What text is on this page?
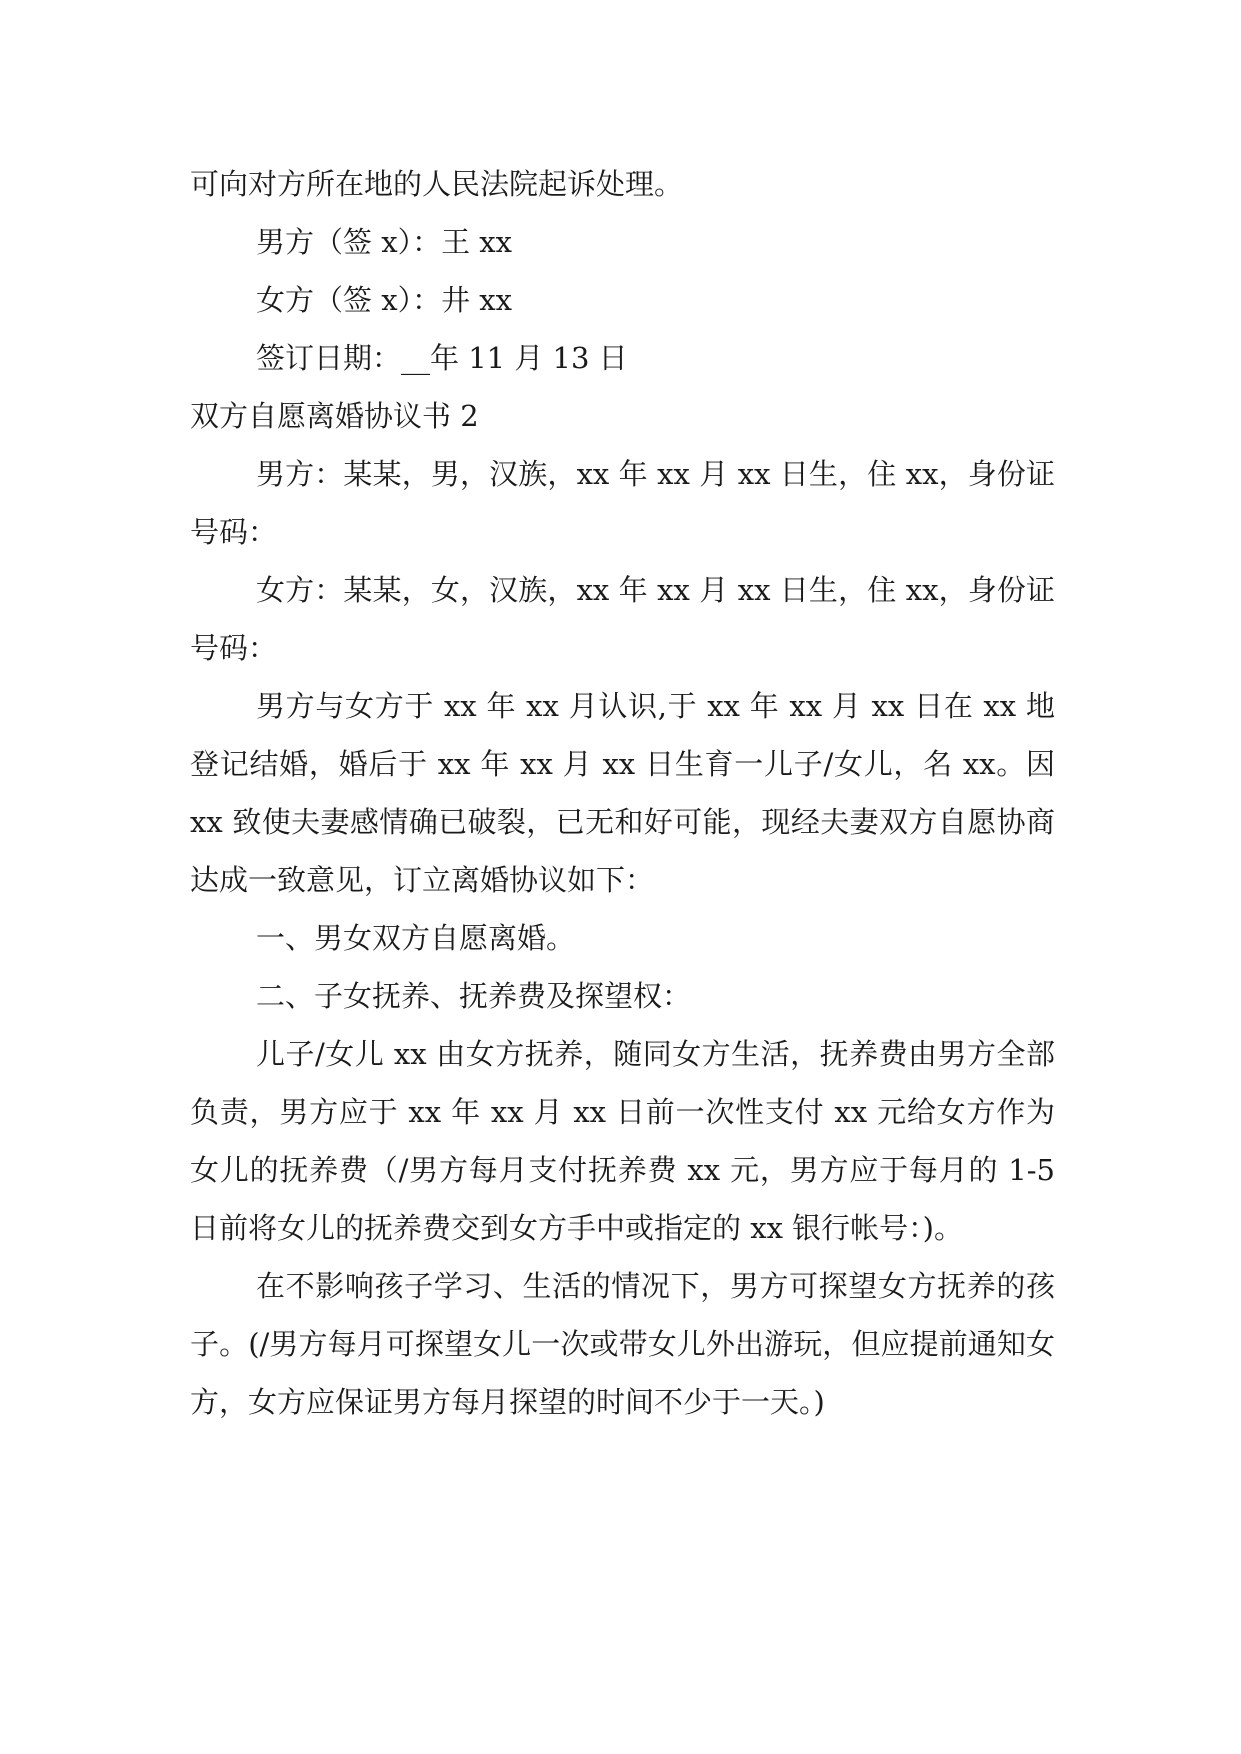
可向对方所在地的人民法院起诉处理。

男方（签 x）：王 xx

女方（签 x）：井 xx

签订日期：__年 11 月 13 日

双方自愿离婚协议书 2

男方：某某，男，汉族，xx 年 xx 月 xx 日生，住 xx，身份证号码：

女方：某某，女，汉族，xx 年 xx 月 xx 日生，住 xx，身份证号码：

男方与女方于 xx 年 xx 月认识,于 xx 年 xx 月 xx 日在 xx 地登记结婚，婚后于 xx 年 xx 月 xx 日生育一儿子/女儿，名 xx。因 xx 致使夫妻感情确已破裂，已无和好可能，现经夫妻双方自愿协商达成一致意见，订立离婚协议如下：

一、男女双方自愿离婚。

二、子女抚养、抚养费及探望权：

儿子/女儿 xx 由女方抚养，随同女方生活，抚养费由男方全部负责，男方应于 xx 年 xx 月 xx 日前一次性支付 xx 元给女方作为女儿的抚养费（/男方每月支付抚养费 xx 元，男方应于每月的 1-5 日前将女儿的抚养费交到女方手中或指定的 xx 银行帐号：)。

在不影响孩子学习、生活的情况下，男方可探望女方抚养的孩子。(/男方每月可探望女儿一次或带女儿外出游玩，但应提前通知女方，女方应保证男方每月探望的时间不少于一天。)
